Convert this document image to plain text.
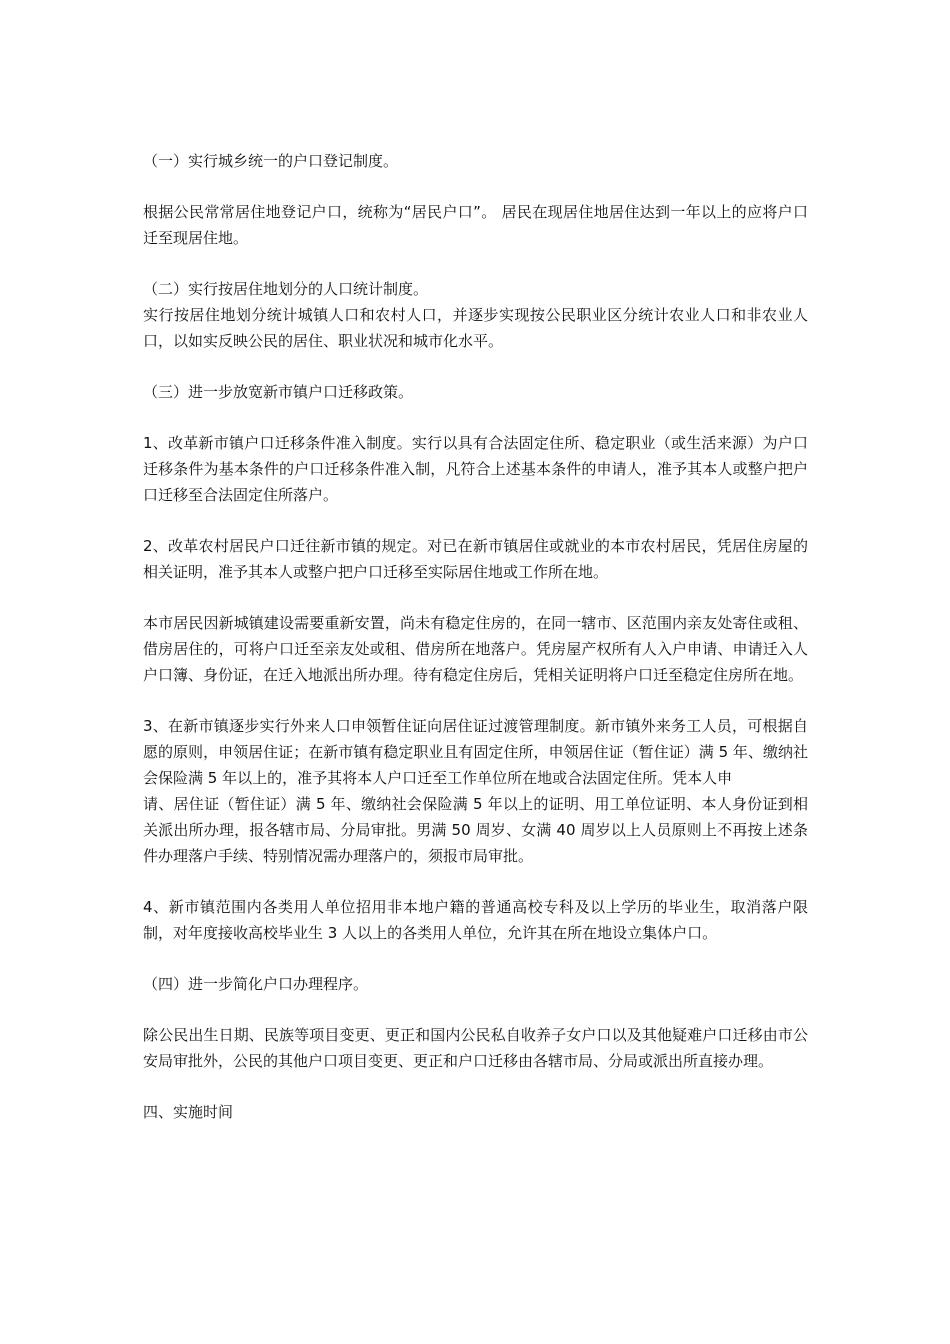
（一）实行城乡统一的户口登记制度。

根据公民常常居住地登记户口，统称为“居民户口”。 居民在现居住地居住达到一年以上的应将户口迁至现居住地。

（二）实行按居住地划分的人口统计制度。

实行按居住地划分统计城镇人口和农村人口，并逐步实现按公民职业区分统计农业人口和非农业人口，以如实反映公民的居住、职业状况和城市化水平。

（三）进一步放宽新市镇户口迁移政策。

1、改革新市镇户口迁移条件准入制度。实行以具有合法固定住所、稳定职业（或生活来源）为户口迁移条件为基本条件的户口迁移条件准入制，凡符合上述基本条件的申请人，准予其本人或整户把户口迁移至合法固定住所落户。

2、改革农村居民户口迁往新市镇的规定。对已在新市镇居住或就业的本市农村居民，凭居住房屋的相关证明，准予其本人或整户把户口迁移至实际居住地或工作所在地。

本市居民因新城镇建设需要重新安置，尚未有稳定住房的，在同一辖市、区范围内亲友处寄住或租、借房居住的，可将户口迁至亲友处或租、借房所在地落户。凭房屋产权所有人入户申请、申请迁入人户口簿、身份证，在迁入地派出所办理。待有稳定住房后，凭相关证明将户口迁至稳定住房所在地。

3、在新市镇逐步实行外来人口申领暂住证向居住证过渡管理制度。新市镇外来务工人员，可根据自愿的原则，申领居住证；在新市镇有稳定职业且有固定住所，申领居住证（暂住证）满 5 年、缴纳社会保险满 5 年以上的，准予其将本人户口迁至工作单位所在地或合法固定住所。凭本人申

请、居住证（暂住证）满 5 年、缴纳社会保险满 5 年以上的证明、用工单位证明、本人身份证到相关派出所办理，报各辖市局、分局审批。男满 50 周岁、女满 40 周岁以上人员原则上不再按上述条件办理落户手续、特别情况需办理落户的，须报市局审批。

4、新市镇范围内各类用人单位招用非本地户籍的普通高校专科及以上学历的毕业生，取消落户限制，对年度接收高校毕业生 3 人以上的各类用人单位，允许其在所在地设立集体户口。

（四）进一步简化户口办理程序。

除公民出生日期、民族等项目变更、更正和国内公民私自收养子女户口以及其他疑难户口迁移由市公安局审批外，公民的其他户口项目变更、更正和户口迁移由各辖市局、分局或派出所直接办理。

四、实施时间
